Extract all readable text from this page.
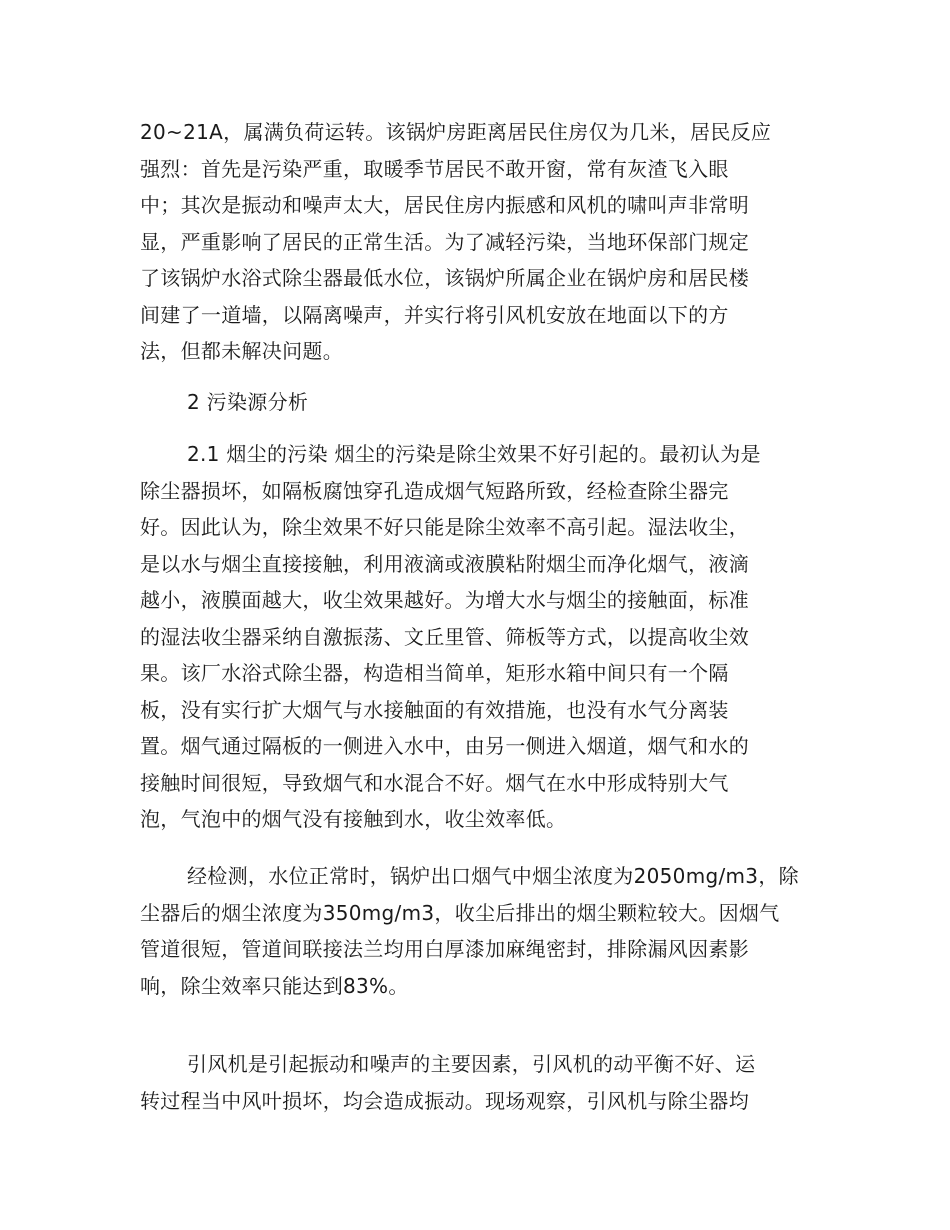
20~21A，属满负荷运转。该锅炉房距离居民住房仅为几米，居民反应
强烈：首先是污染严重，取暖季节居民不敢开窗，常有灰渣飞入眼
中；其次是振动和噪声太大，居民住房内振感和风机的啸叫声非常明
显，严重影响了居民的正常生活。为了减轻污染，当地环保部门规定
了该锅炉水浴式除尘器最低水位，该锅炉所属企业在锅炉房和居民楼
间建了一道墙，以隔离噪声，并实行将引风机安放在地面以下的方
法，但都未解决问题。
2 污染源分析
2.1 烟尘的污染 烟尘的污染是除尘效果不好引起的。最初认为是
除尘器损坏，如隔板腐蚀穿孔造成烟气短路所致，经检查除尘器完
好。因此认为，除尘效果不好只能是除尘效率不高引起。湿法收尘，
是以水与烟尘直接接触，利用液滴或液膜粘附烟尘而净化烟气，液滴
越小，液膜面越大，收尘效果越好。为增大水与烟尘的接触面，标准
的湿法收尘器采纳自激振荡、文丘里管、筛板等方式，以提高收尘效
果。该厂水浴式除尘器，构造相当简单，矩形水箱中间只有一个隔
板，没有实行扩大烟气与水接触面的有效措施，也没有水气分离装
置。烟气通过隔板的一侧进入水中，由另一侧进入烟道，烟气和水的
接触时间很短，导致烟气和水混合不好。烟气在水中形成特别大气
泡，气泡中的烟气没有接触到水，收尘效率低。
经检测，水位正常时，锅炉出口烟气中烟尘浓度为2050mg/m3，除
尘器后的烟尘浓度为350mg/m3，收尘后排出的烟尘颗粒较大。因烟气
管道很短，管道间联接法兰均用白厚漆加麻绳密封，排除漏风因素影
响，除尘效率只能达到83%。
引风机是引起振动和噪声的主要因素，引风机的动平衡不好、运
转过程当中风叶损坏，均会造成振动。现场观察，引风机与除尘器均
